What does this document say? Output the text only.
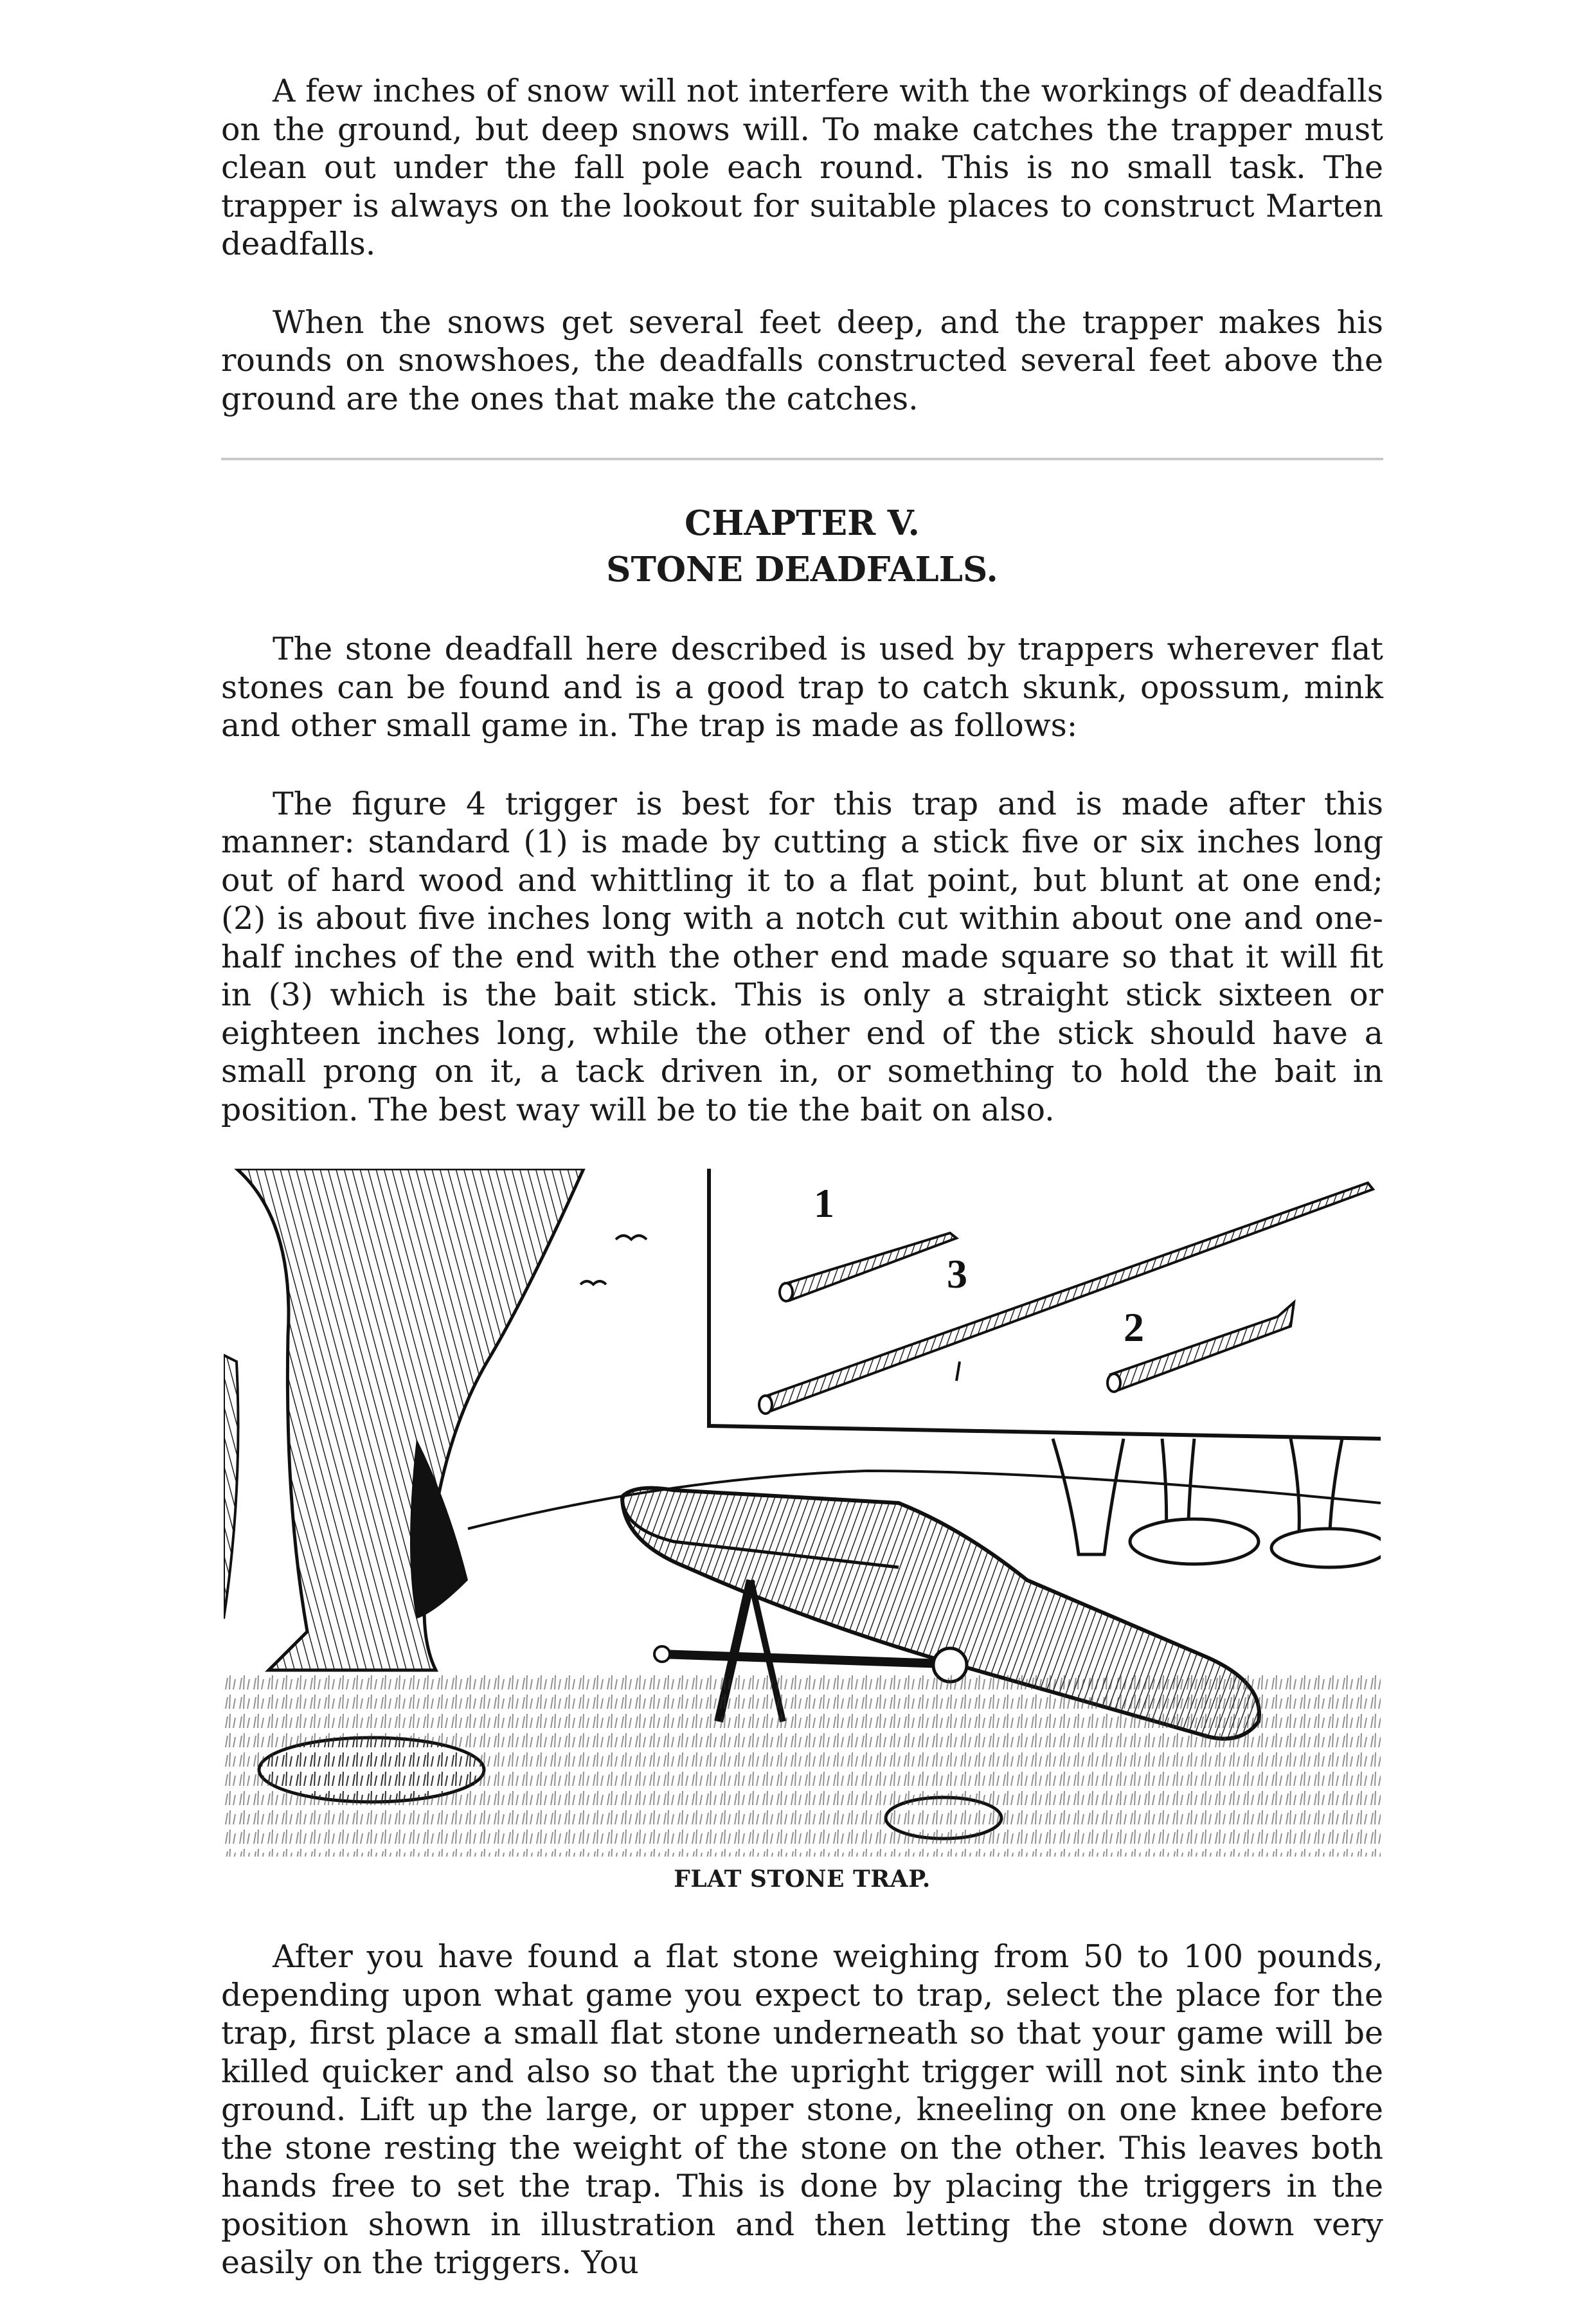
A few inches of snow will not interfere with the workings of deadfalls on the ground, but deep snows will. To make catches the trapper must clean out under the fall pole each round. This is no small task. The trapper is always on the lookout for suitable places to construct Marten deadfalls.

When the snows get several feet deep, and the trapper makes his rounds on snowshoes, the deadfalls constructed several feet above the ground are the ones that make the catches.

CHAPTER V.
STONE DEADFALLS.

The stone deadfall here described is used by trappers wherever flat stones can be found and is a good trap to catch skunk, opossum, mink and other small game in. The trap is made as follows:

The figure 4 trigger is best for this trap and is made after this manner: standard (1) is made by cutting a stick five or six inches long out of hard wood and whittling it to a flat point, but blunt at one end; (2) is about five inches long with a notch cut within about one and one-half inches of the end with the other end made square so that it will fit in (3) which is the bait stick. This is only a straight stick sixteen or eighteen inches long, while the other end of the stick should have a small prong on it, a tack driven in, or something to hold the bait in position. The best way will be to tie the bait on also.

1
3
2
FLAT STONE TRAP.

After you have found a flat stone weighing from 50 to 100 pounds, depending upon what game you expect to trap, select the place for the trap, first place a small flat stone underneath so that your game will be killed quicker and also so that the upright trigger will not sink into the ground. Lift up the large, or upper stone, kneeling on one knee before the stone resting the weight of the stone on the other. This leaves both hands free to set the trap. This is done by placing the triggers in the position shown in illustration and then letting the stone down very easily on the triggers. You
